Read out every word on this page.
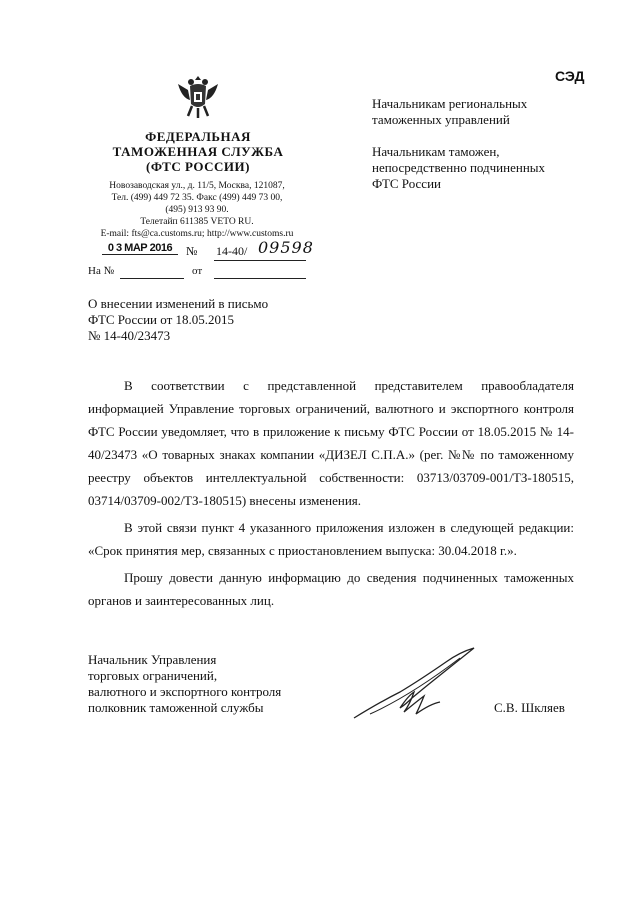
ФЕДЕРАЛЬНАЯ
ТАМОЖЕННАЯ СЛУЖБА
(ФТС РОССИИ)
Новозаводская ул., д. 11/5, Москва, 121087,
Тел. (499) 449 72 35. Факс (499) 449 73 00,
(495) 913 93 90.
Телетайп 611385 VETO RU.
E-mail: fts@ca.customs.ru; http://www.customs.ru
СЭД
Начальникам региональных
таможенных управлений
Начальникам таможен,
непосредственно подчиненных
ФТС России
0 3 МАР 2016	№ 14-40/ 09598
На №	от
О внесении изменений в письмо
ФТС России от 18.05.2015
№ 14-40/23473

В соответствии с представленной представителем правообладателя информацией Управление торговых ограничений, валютного и экспортного контроля ФТС России уведомляет, что в приложение к письму ФТС России от 18.05.2015 № 14-40/23473 «О товарных знаках компании «ДИЗЕЛ С.П.А.» (рег. №№ по таможенному реестру объектов интеллектуальной собственности: 03713/03709-001/ТЗ-180515, 03714/03709-002/ТЗ-180515) внесены изменения.

В этой связи пункт 4 указанного приложения изложен в следующей редакции: «Срок принятия мер, связанных с приостановлением выпуска: 30.04.2018 г.».

Прошу довести данную информацию до сведения подчиненных таможенных органов и заинтересованных лиц.

Начальник Управления
торговых ограничений,
валютного и экспортного контроля
полковник таможенной службы	С.В. Шкляев
